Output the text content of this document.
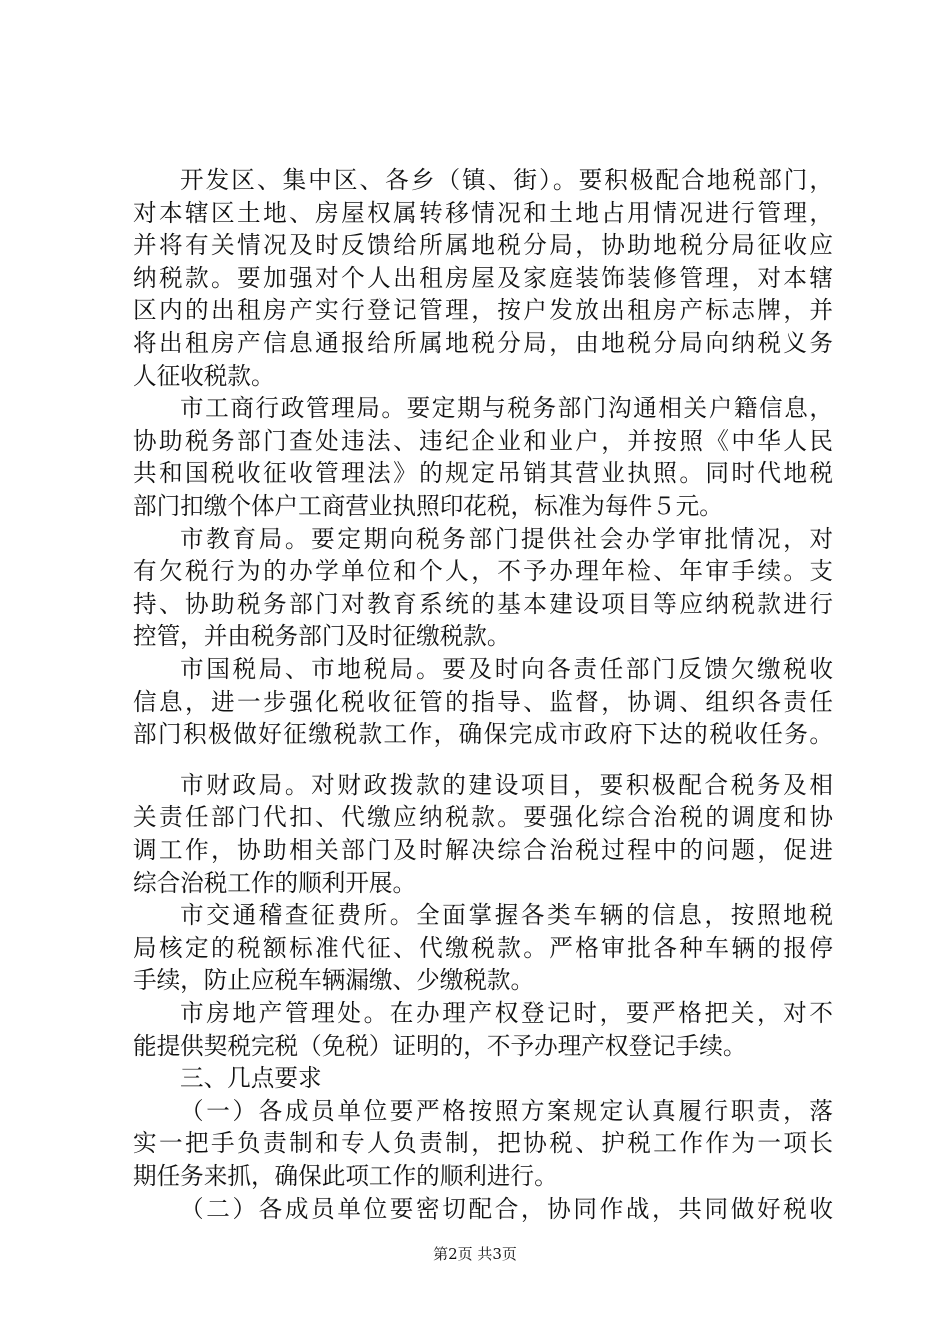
开发区、集中区、各乡（镇、街）。要积极配合地税部门，
对本辖区土地、房屋权属转移情况和土地占用情况进行管理，
并将有关情况及时反馈给所属地税分局，协助地税分局征收应
纳税款。要加强对个人出租房屋及家庭装饰装修管理，对本辖
区内的出租房产实行登记管理，按户发放出租房产标志牌，并
将出租房产信息通报给所属地税分局，由地税分局向纳税义务
人征收税款。
市工商行政管理局。要定期与税务部门沟通相关户籍信息，
协助税务部门查处违法、违纪企业和业户，并按照《中华人民
共和国税收征收管理法》的规定吊销其营业执照。同时代地税
部门扣缴个体户工商营业执照印花税，标准为每件５元。
市教育局。要定期向税务部门提供社会办学审批情况，对
有欠税行为的办学单位和个人，不予办理年检、年审手续。支
持、协助税务部门对教育系统的基本建设项目等应纳税款进行
控管，并由税务部门及时征缴税款。
市国税局、市地税局。要及时向各责任部门反馈欠缴税收
信息，进一步强化税收征管的指导、监督，协调、组织各责任
部门积极做好征缴税款工作，确保完成市政府下达的税收任务。
市财政局。对财政拨款的建设项目，要积极配合税务及相
关责任部门代扣、代缴应纳税款。要强化综合治税的调度和协
调工作，协助相关部门及时解决综合治税过程中的问题，促进
综合治税工作的顺利开展。
市交通稽查征费所。全面掌握各类车辆的信息，按照地税
局核定的税额标准代征、代缴税款。严格审批各种车辆的报停
手续，防止应税车辆漏缴、少缴税款。
市房地产管理处。在办理产权登记时，要严格把关，对不
能提供契税完税（免税）证明的，不予办理产权登记手续。
三、几点要求
（一）各成员单位要严格按照方案规定认真履行职责，落
实一把手负责制和专人负责制，把协税、护税工作作为一项长
期任务来抓，确保此项工作的顺利进行。
（二）各成员单位要密切配合，协同作战，共同做好税收
第2页 共3页
